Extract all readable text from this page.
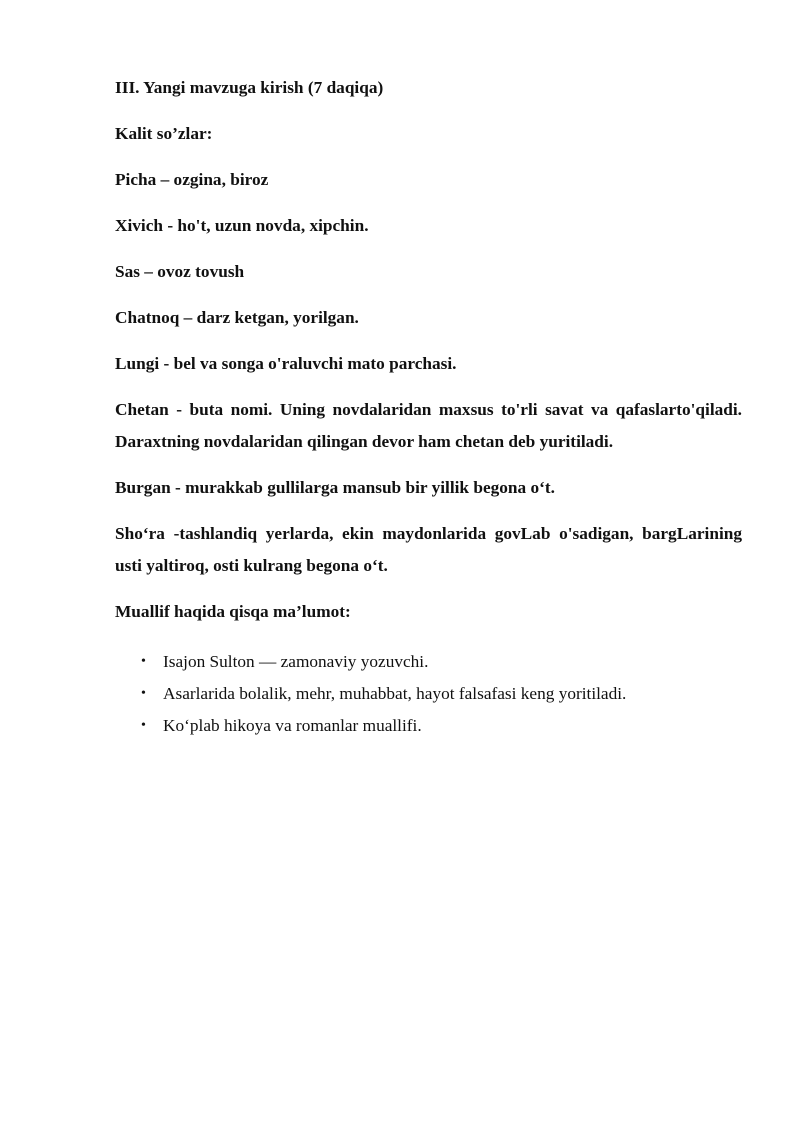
III. Yangi mavzuga kirish (7 daqiqa)

Kalit so’zlar:

Picha – ozgina, biroz

Xivich - ho't, uzun novda, xipchin.

Sas – ovoz tovush

Chatnoq – darz ketgan, yorilgan.

Lungi - bel va songa o'raluvchi mato parchasi.

Chetan - buta nomi. Uning novdalaridan maxsus to'rli savat va qafaslarto'qiladi. Daraxtning novdalaridan qilingan devor ham chetan deb yuritiladi.

Burgan - murakkab gullilarga mansub bir yillik begona o‘t.

Sho‘ra -tashlandiq yerlarda, ekin maydonlarida govLab o'sadigan, bargLarining usti yaltiroq, osti kulrang begona o‘t.

Muallif haqida qisqa ma’lumot:

• Isajon Sulton — zamonaviy yozuvchi.
• Asarlarida bolalik, mehr, muhabbat, hayot falsafasi keng yoritiladi.
• Ko‘plab hikoya va romanlar muallifi.
